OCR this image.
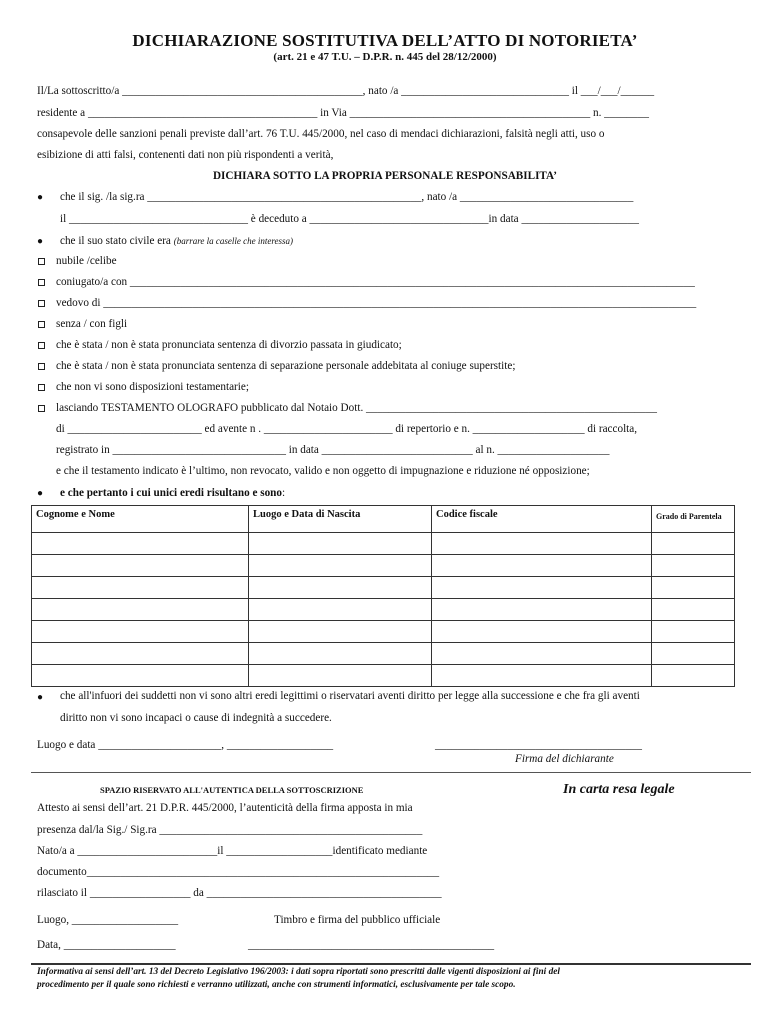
DICHIARAZIONE SOSTITUTIVA DELL’ATTO DI NOTORIETA’
(art. 21 e 47 T.U. – D.P.R. n. 445 del 28/12/2000)
Il/La sottoscritto/a ___________________________________________, nato /a ______________________________ il ___/___/______
residente a _________________________________________ in Via ___________________________________________ n. ________
consapevole delle sanzioni penali previste dall’art. 76 T.U. 445/2000, nel caso di mendaci dichiarazioni, falsità negli atti, uso o
esibizione di atti falsi, contenenti dati non più rispondenti a verità,
DICHIARA SOTTO LA PROPRIA PERSONALE RESPONSABILITA’
● che il sig. /la sig.ra _________________________________________________, nato /a _______________________________
il ________________________________ è deceduto a ________________________________in data _____________________
● che il suo stato civile era (barrare la caselle che interessa)
nubile /celibe
coniugato/a con _____________________________________________________________________________________________________
vedovo di __________________________________________________________________________________________________________
senza / con figli
che è stata / non è stata pronunciata sentenza di divorzio passata in giudicato;
che è stata / non è stata pronunciata sentenza di separazione personale addebitata al coniuge superstite;
che non vi sono disposizioni testamentarie;
lasciando TESTAMENTO OLOGRAFO pubblicato dal Notaio Dott. ____________________________________________________
di ________________________ ed avente n . _______________________ di repertorio e n. ____________________ di raccolta,
registrato in _______________________________ in data ___________________________ al n. ____________________
e che il testamento indicato è l’ultimo, non revocato, valido e non oggetto di impugnazione e riduzione né opposizione;
● e che pertanto i cui unici eredi risultano e sono:
Cognome e Nome	Luogo e Data di Nascita	Codice fiscale	Grado di Parentela

● che all'infuori dei suddetti non vi sono altri eredi legittimi o riservatari aventi diritto per legge alla successione e che fra gli aventi
diritto non vi sono incapaci o cause di indegnità a succedere.
Luogo e data ______________________, ___________________	_____________________________________
Firma del dichiarante
SPAZIO RISERVATO ALL'AUTENTICA DELLA SOTTOSCRIZIONE	In carta resa legale
Attesto ai sensi dell’art. 21 D.P.R. 445/2000, l’autenticità della firma apposta in mia
presenza dal/la Sig./ Sig.ra _______________________________________________
Nato/a a _________________________il ___________________identificato mediante
documento_______________________________________________________________
rilasciato il __________________ da __________________________________________
Luogo, ___________________	Timbro e firma del pubblico ufficiale
Data, ____________________	____________________________________________
Informativa ai sensi dell’art. 13 del Decreto Legislativo 196/2003: i dati sopra riportati sono prescritti dalle vigenti disposizioni ai fini del
procedimento per il quale sono richiesti e verranno utilizzati, anche con strumenti informatici, esclusivamente per tale scopo.
